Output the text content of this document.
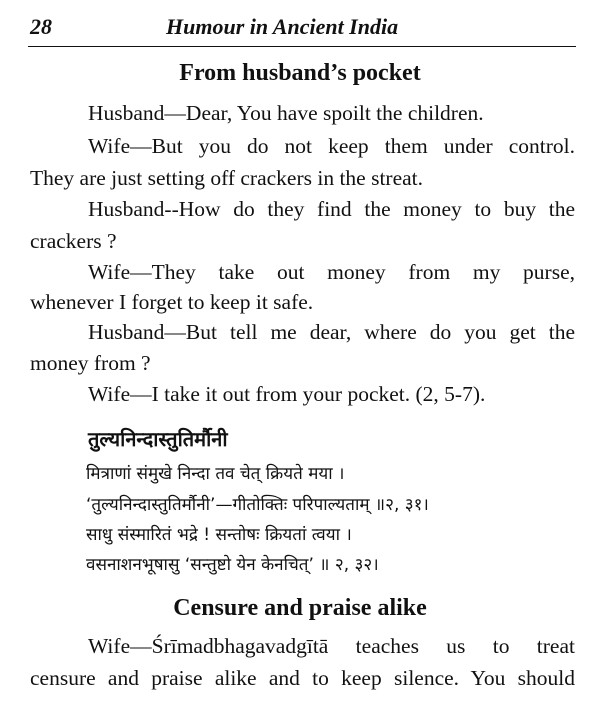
28	Humour in Ancient India
From husband’s pocket
Husband—Dear, You have spoilt the children.
Wife—But you do not keep them under control.
They are just setting off crackers in the streat.
Husband--How do they find the money to buy the
crackers ?
Wife—They take out money from my purse,
whenever I forget to keep it safe.
Husband—But tell me dear, where do you get the
money from ?
Wife—I take it out from your pocket. (2, 5-7).
तुल्यनिन्दास्तुतिर्मौनी
मित्राणां संमुखे निन्दा तव चेत् क्रियते मया ।
‘तुल्यनिन्दास्तुतिर्मौनी’—गीतोक्तिः परिपाल्यताम् ॥२, ३१।
साधु संस्मारितं भद्रे ! सन्तोषः क्रियतां त्वया ।
वसनाशनभूषासु ‘सन्तुष्टो येन केनचित्’ ॥ २, ३२।
Censure and praise alike
Wife—Śrīmadbhagavadgītā teaches us to treat
censure and praise alike and to keep silence. You should
